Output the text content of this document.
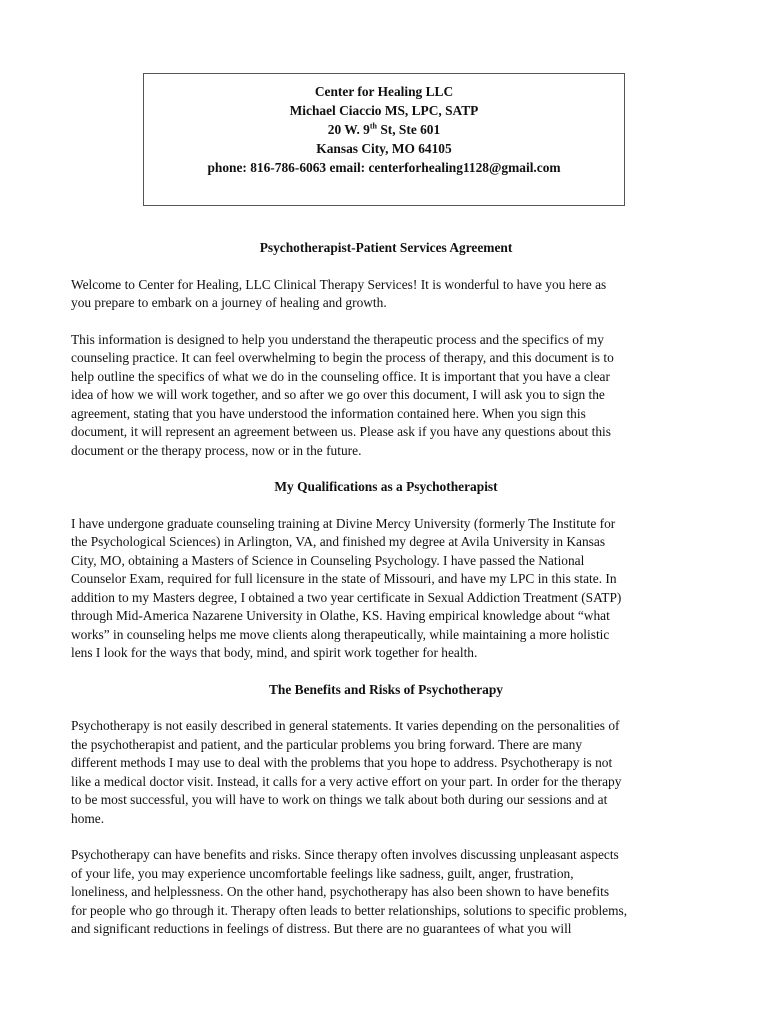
Center for Healing LLC
Michael Ciaccio MS, LPC, SATP
20 W. 9th St, Ste 601
Kansas City, MO 64105
phone: 816-786-6063 email: centerforhealing1128@gmail.com

Psychotherapist-Patient Services Agreement

Welcome to Center for Healing, LLC Clinical Therapy Services! It is wonderful to have you here as
you prepare to embark on a journey of healing and growth.

This information is designed to help you understand the therapeutic process and the specifics of my
counseling practice. It can feel overwhelming to begin the process of therapy, and this document is to
help outline the specifics of what we do in the counseling office. It is important that you have a clear
idea of how we will work together, and so after we go over this document, I will ask you to sign the
agreement, stating that you have understood the information contained here. When you sign this
document, it will represent an agreement between us. Please ask if you have any questions about this
document or the therapy process, now or in the future.

My Qualifications as a Psychotherapist

I have undergone graduate counseling training at Divine Mercy University (formerly The Institute for
the Psychological Sciences) in Arlington, VA, and finished my degree at Avila University in Kansas
City, MO, obtaining a Masters of Science in Counseling Psychology. I have passed the National
Counselor Exam, required for full licensure in the state of Missouri, and have my LPC in this state. In
addition to my Masters degree, I obtained a two year certificate in Sexual Addiction Treatment (SATP)
through Mid-America Nazarene University in Olathe, KS. Having empirical knowledge about “what
works” in counseling helps me move clients along therapeutically, while maintaining a more holistic
lens I look for the ways that body, mind, and spirit work together for health.

The Benefits and Risks of Psychotherapy

Psychotherapy is not easily described in general statements. It varies depending on the personalities of
the psychotherapist and patient, and the particular problems you bring forward. There are many
different methods I may use to deal with the problems that you hope to address. Psychotherapy is not
like a medical doctor visit. Instead, it calls for a very active effort on your part. In order for the therapy
to be most successful, you will have to work on things we talk about both during our sessions and at
home.

Psychotherapy can have benefits and risks. Since therapy often involves discussing unpleasant aspects
of your life, you may experience uncomfortable feelings like sadness, guilt, anger, frustration,
loneliness, and helplessness. On the other hand, psychotherapy has also been shown to have benefits
for people who go through it. Therapy often leads to better relationships, solutions to specific problems,
and significant reductions in feelings of distress. But there are no guarantees of what you will
